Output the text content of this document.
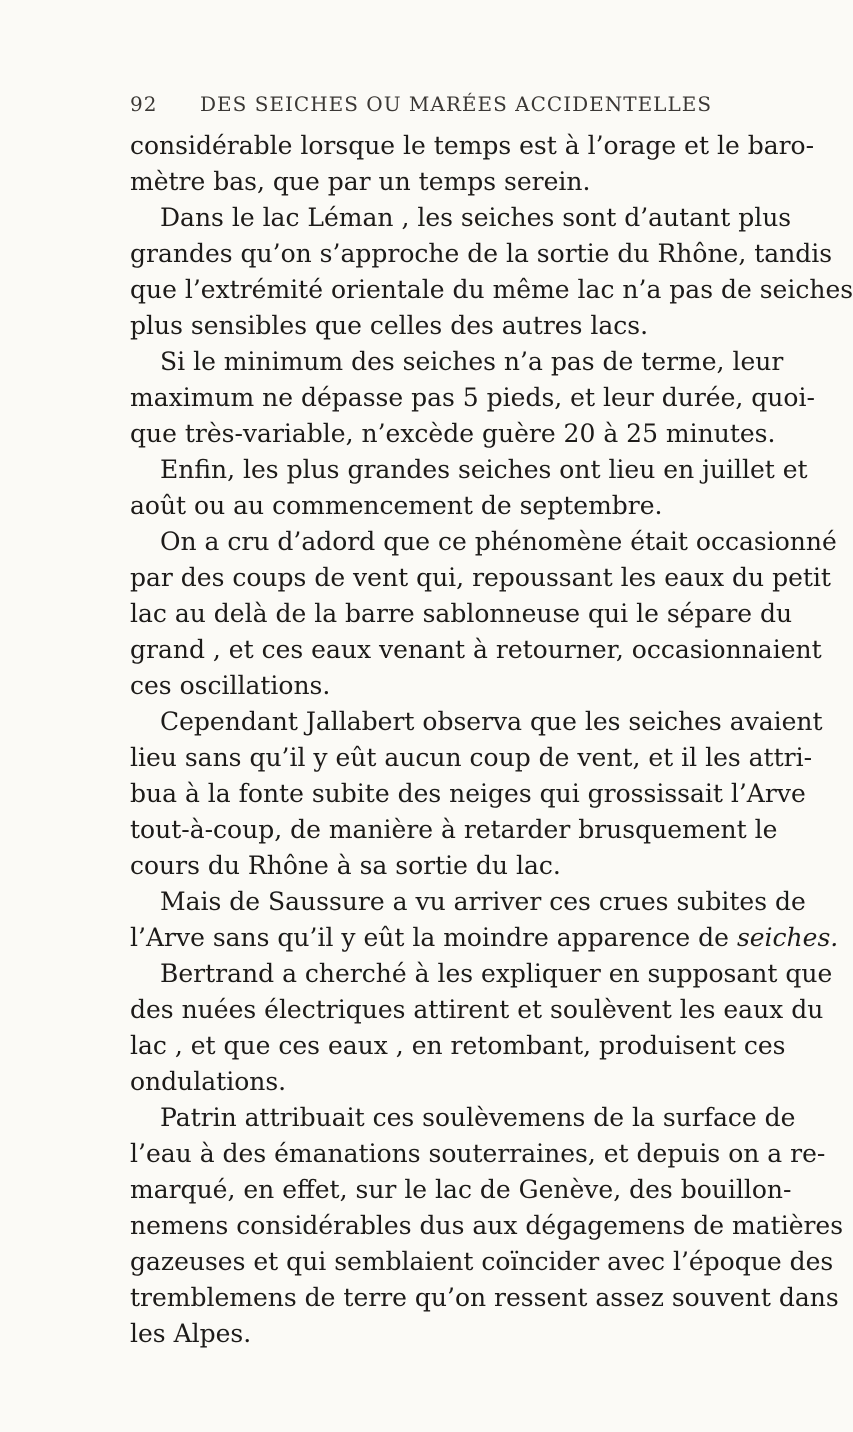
92 DES SEICHES OU MARÉES ACCIDENTELLES
considérable lorsque le temps est à l’orage et le baro-
mètre bas, que par un temps serein.
Dans le lac Léman , les seiches sont d’autant plus
grandes qu’on s’approche de la sortie du Rhône, tandis
que l’extrémité orientale du même lac n’a pas de seiches
plus sensibles que celles des autres lacs.
Si le minimum des seiches n’a pas de terme, leur
maximum ne dépasse pas 5 pieds, et leur durée, quoi-
que très-variable, n’excède guère 20 à 25 minutes.
Enfin, les plus grandes seiches ont lieu en juillet et
août ou au commencement de septembre.
On a cru d’adord que ce phénomène était occasionné
par des coups de vent qui, repoussant les eaux du petit
lac au delà de la barre sablonneuse qui le sépare du
grand , et ces eaux venant à retourner, occasionnaient
ces oscillations.
Cependant Jallabert observa que les seiches avaient
lieu sans qu’il y eût aucun coup de vent, et il les attri-
bua à la fonte subite des neiges qui grossissait l’Arve
tout-à-coup, de manière à retarder brusquement le
cours du Rhône à sa sortie du lac.
Mais de Saussure a vu arriver ces crues subites de
l’Arve sans qu’il y eût la moindre apparence de seiches.
Bertrand a cherché à les expliquer en supposant que
des nuées électriques attirent et soulèvent les eaux du
lac , et que ces eaux , en retombant, produisent ces
ondulations.
Patrin attribuait ces soulèvemens de la surface de
l’eau à des émanations souterraines, et depuis on a re-
marqué, en effet, sur le lac de Genève, des bouillon-
nemens considérables dus aux dégagemens de matières
gazeuses et qui semblaient coïncider avec l’époque des
tremblemens de terre qu’on ressent assez souvent dans
les Alpes.
